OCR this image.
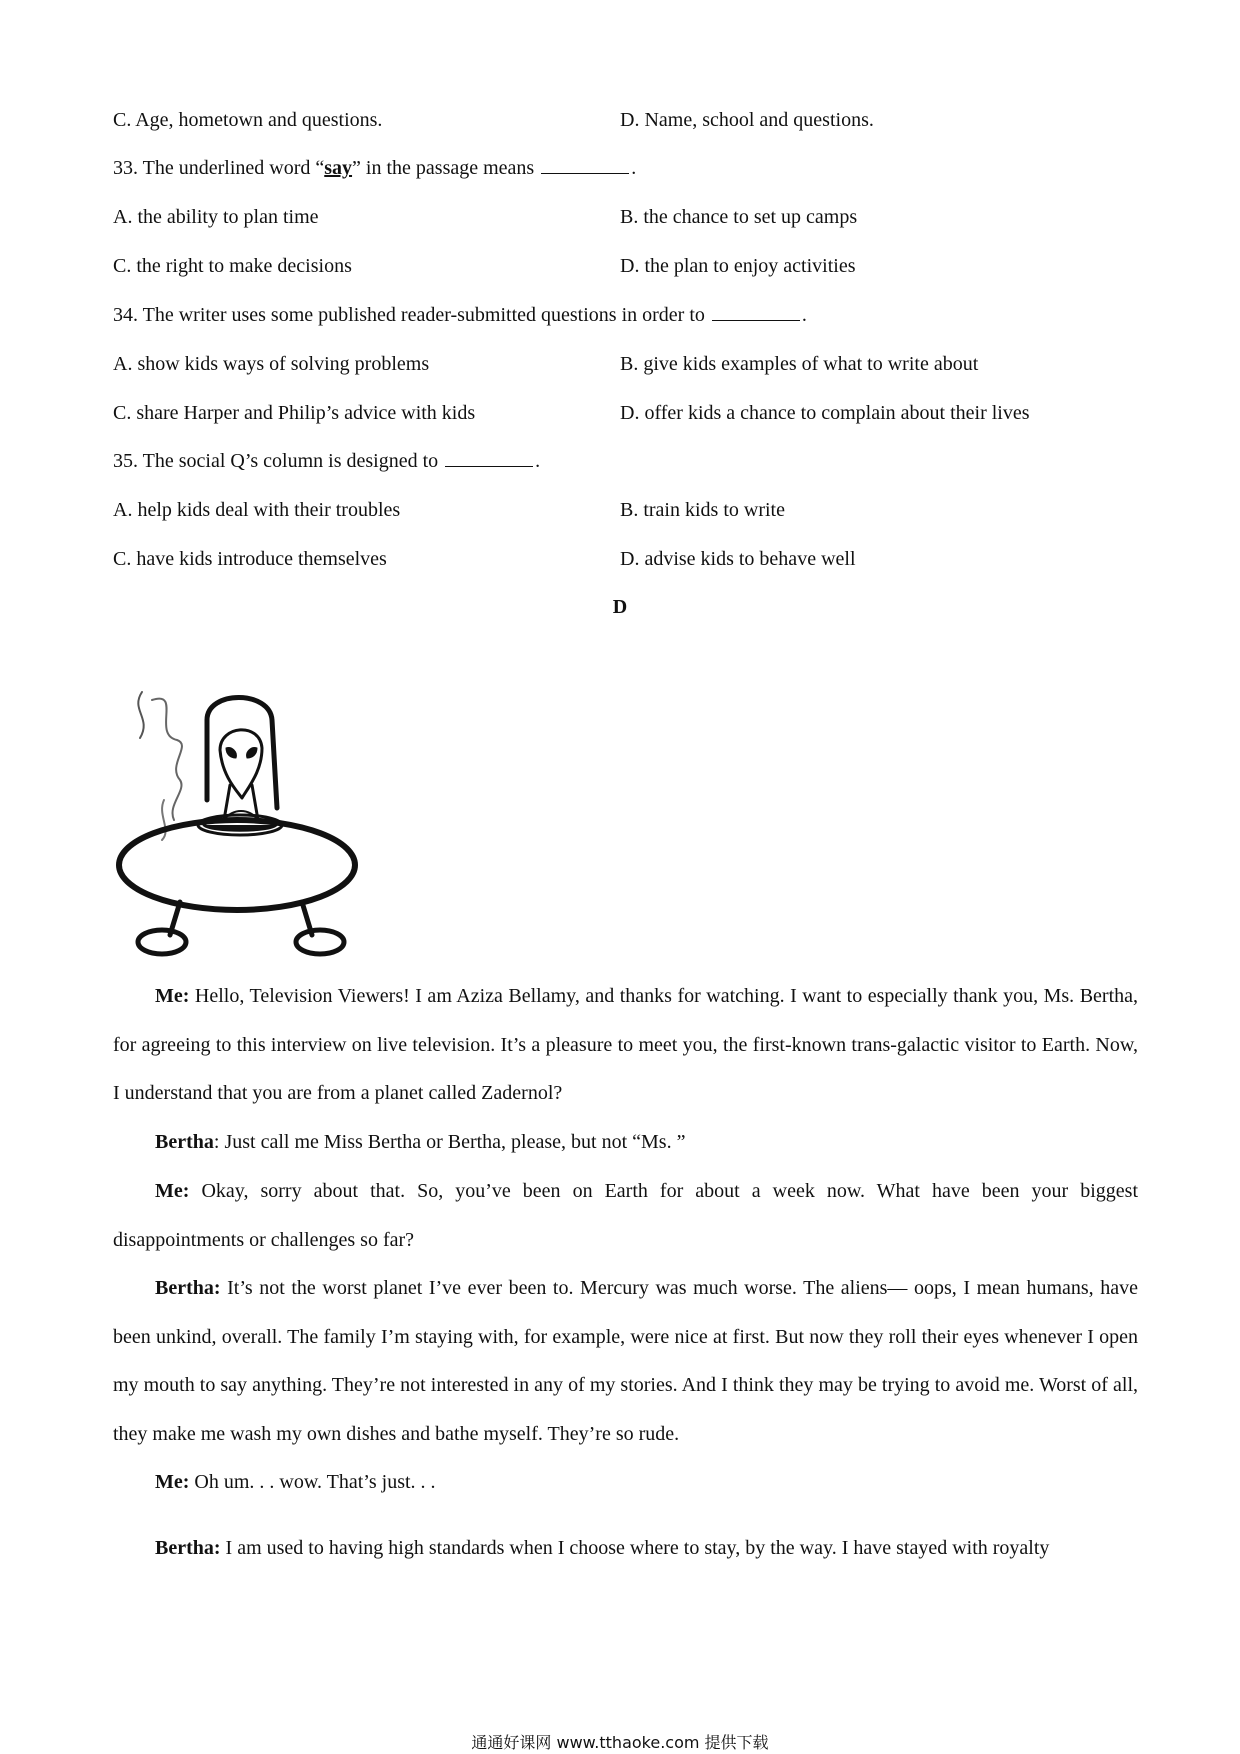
C. Age, hometown and questions.	D. Name, school and questions.
33. The underlined word “say” in the passage means	.
A. the ability to plan time	B. the chance to set up camps
C. the right to make decisions	D. the plan to enjoy activities
34. The writer uses some published reader-submitted questions in order to	.
A. show kids ways of solving problems	B. give kids examples of what to write about
C. share Harper and Philip’s advice with kids	D. offer kids a chance to complain about their lives
35. The social Q’s column is designed to	.
A. help kids deal with their troubles	B. train kids to write
C. have kids introduce themselves	D. advise kids to behave well
D

Me: Hello, Television Viewers! I am Aziza Bellamy, and thanks for watching. I want to especially thank you, Ms. Bertha, for agreeing to this interview on live television. It’s a pleasure to meet you, the first-known trans-galactic visitor to Earth. Now, I understand that you are from a planet called Zadernol?

Bertha: Just call me Miss Bertha or Bertha, please, but not “Ms. ”

Me: Okay, sorry about that. So, you’ve been on Earth for about a week now. What have been your biggest disappointments or challenges so far?

Bertha: It’s not the worst planet I’ve ever been to. Mercury was much worse. The aliens— oops, I mean humans, have been unkind, overall. The family I’m staying with, for example, were nice at first. But now they roll their eyes whenever I open my mouth to say anything. They’re not interested in any of my stories. And I think they may be trying to avoid me. Worst of all, they make me wash my own dishes and bathe myself. They’re so rude.

Me: Oh um. . . wow. That’s just. . .

Bertha: I am used to having high standards when I choose where to stay, by the way. I have stayed with royalty

通通好课网 www.tthaoke.com 提供下载
